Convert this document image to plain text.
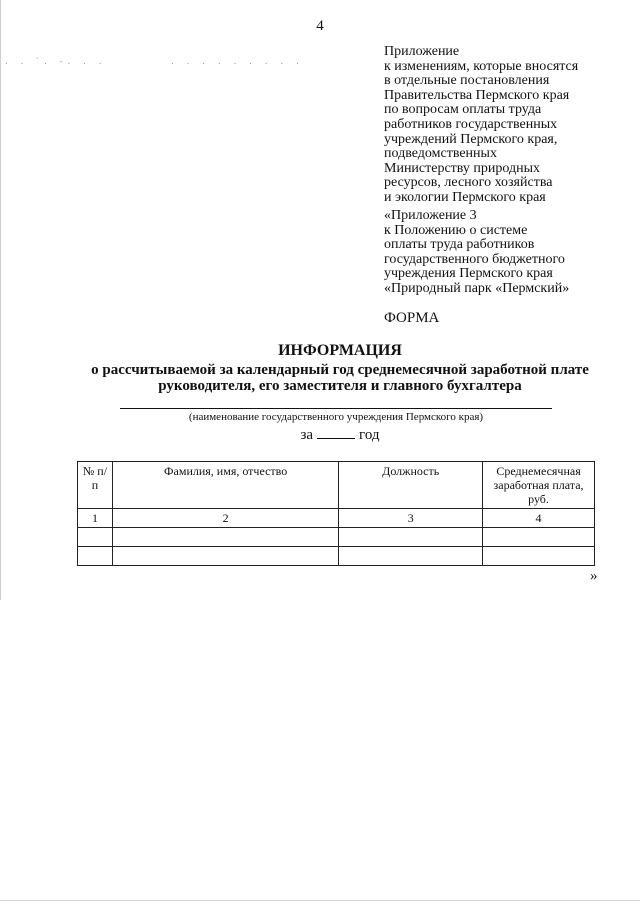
. . `. -. . .	. . . . . . . . .
4
Приложение
к изменениям, которые вносятся
в отдельные постановления
Правительства Пермского края
по вопросам оплаты труда
работников государственных
учреждений Пермского края,
подведомственных
Министерству природных
ресурсов, лесного хозяйства
и экологии Пермского края
«Приложение 3
к Положению о системе
оплаты труда работников
государственного бюджетного
учреждения Пермского края
«Природный парк «Пермский»
ФОРМА
ИНФОРМАЦИЯ
о рассчитываемой за календарный год среднемесячной заработной плате
руководителя, его заместителя и главного бухгалтера
(наименование государственного учреждения Пермского края)
за	год
№ п/п	Фамилия, имя, отчество	Должность	Среднемесячная заработная плата, руб.
1	2	3	4

»
